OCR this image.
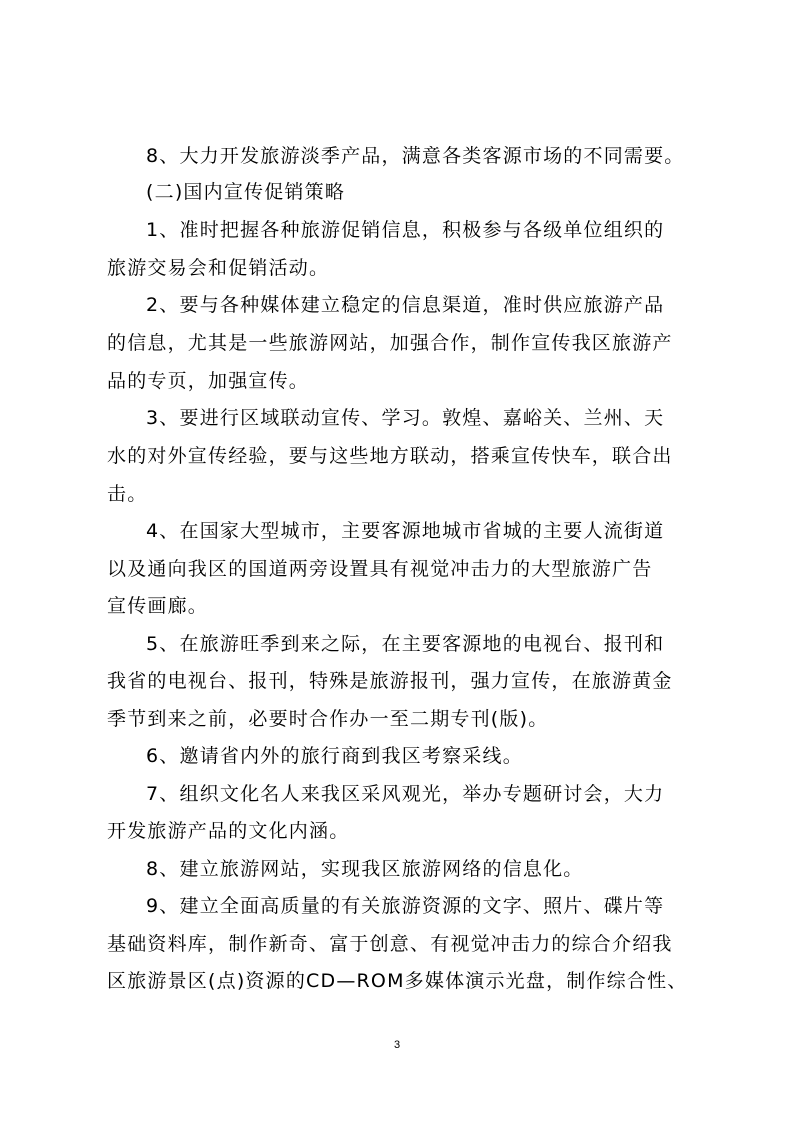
8、大力开发旅游淡季产品，满意各类客源市场的不同需要。
(二)国内宣传促销策略
1、准时把握各种旅游促销信息，积极参与各级单位组织的
旅游交易会和促销活动。
2、要与各种媒体建立稳定的信息渠道，准时供应旅游产品
的信息，尤其是一些旅游网站，加强合作，制作宣传我区旅游产
品的专页，加强宣传。
3、要进行区域联动宣传、学习。敦煌、嘉峪关、兰州、天
水的对外宣传经验，要与这些地方联动，搭乘宣传快车，联合出
击。
4、在国家大型城市，主要客源地城市省城的主要人流街道
以及通向我区的国道两旁设置具有视觉冲击力的大型旅游广告
宣传画廊。
5、在旅游旺季到来之际，在主要客源地的电视台、报刊和
我省的电视台、报刊，特殊是旅游报刊，强力宣传，在旅游黄金
季节到来之前，必要时合作办一至二期专刊(版)。
6、邀请省内外的旅行商到我区考察采线。
7、组织文化名人来我区采风观光，举办专题研讨会，大力
开发旅游产品的文化内涵。
8、建立旅游网站，实现我区旅游网络的信息化。
9、建立全面高质量的有关旅游资源的文字、照片、碟片等
基础资料库，制作新奇、富于创意、有视觉冲击力的综合介绍我
区旅游景区(点)资源的CD—ROM多媒体演示光盘，制作综合性、
3
